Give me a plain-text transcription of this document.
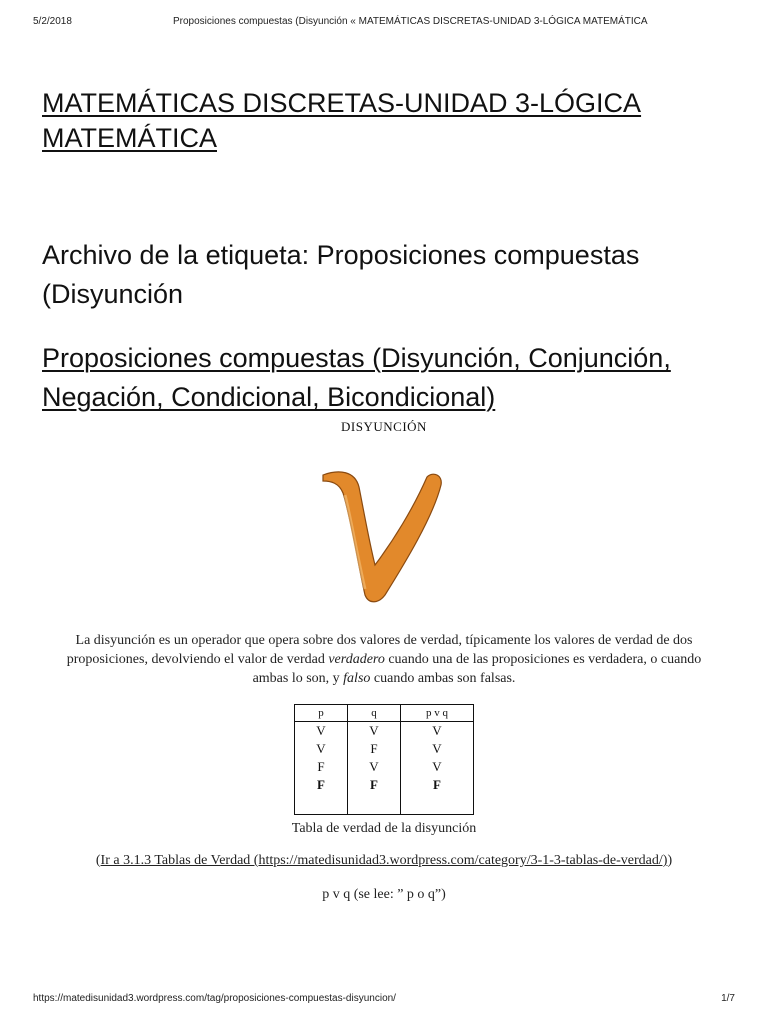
5/2/2018	Proposiciones compuestas (Disyunción « MATEMÁTICAS DISCRETAS-UNIDAD 3-LÓGICA MATEMÁTICA
MATEMÁTICAS DISCRETAS-UNIDAD 3-LÓGICA MATEMÁTICA
Archivo de la etiqueta: Proposiciones compuestas (Disyunción
Proposiciones compuestas (Disyunción, Conjunción, Negación, Condicional, Bicondicional)

DISYUNCIÓN

La disyunción es un operador que opera sobre dos valores de verdad, típicamente los valores de verdad de dos proposiciones, devolviendo el valor de verdad verdadero cuando una de las proposiciones es verdadera, o cuando ambas lo son, y falso cuando ambas son falsas.

p	q	p v q
V	V	V
V	F	V
F	V	V
F	F	F

Tabla de verdad de la disyunción

(Ir a 3.1.3 Tablas de Verdad (https://matedisunidad3.wordpress.com/category/3-1-3-tablas-de-verdad/))

p v q (se lee: ” p o q”)

https://matedisunidad3.wordpress.com/tag/proposiciones-compuestas-disyuncion/	1/7
